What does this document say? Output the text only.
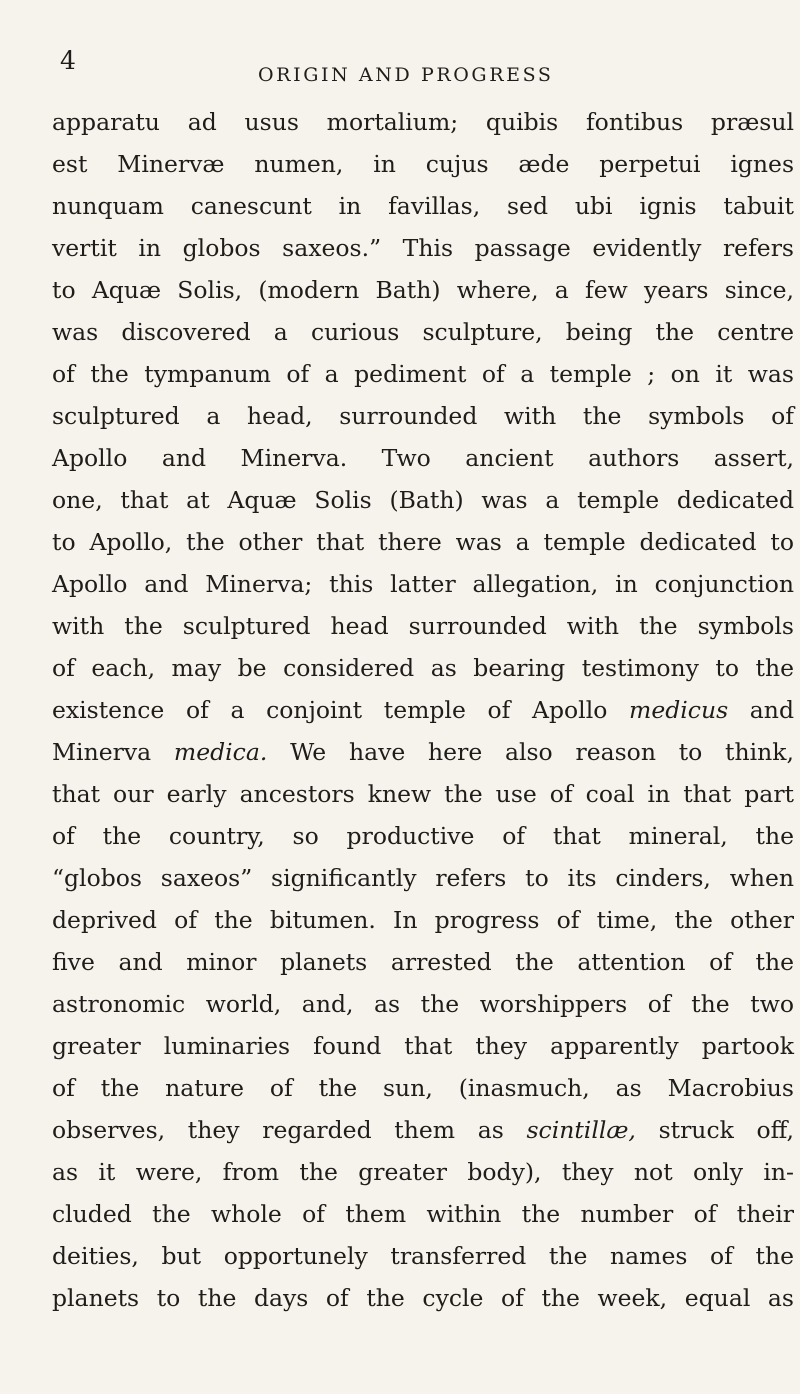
4	ORIGIN AND PROGRESS
apparatu ad usus mortalium; quibis fontibus præsul
est Minervæ numen, in cujus æde perpetui ignes
nunquam canescunt in favillas, sed ubi ignis tabuit
vertit in globos saxeos.” This passage evidently refers
to Aquæ Solis, (modern Bath) where, a few years since,
was discovered a curious sculpture, being the centre
of the tympanum of a pediment of a temple ; on it was
sculptured a head, surrounded with the symbols of
Apollo and Minerva. Two ancient authors assert,
one, that at Aquæ Solis (Bath) was a temple dedicated
to Apollo, the other that there was a temple dedicated to
Apollo and Minerva; this latter allegation, in conjunction
with the sculptured head surrounded with the symbols
of each, may be considered as bearing testimony to the
existence of a conjoint temple of Apollo medicus and
Minerva medica. We have here also reason to think,
that our early ancestors knew the use of coal in that part
of the country, so productive of that mineral, the
“globos saxeos” significantly refers to its cinders, when
deprived of the bitumen. In progress of time, the other
five and minor planets arrested the attention of the
astronomic world, and, as the worshippers of the two
greater luminaries found that they apparently partook
of the nature of the sun, (inasmuch, as Macrobius
observes, they regarded them as scintillæ, struck off,
as it were, from the greater body), they not only in-
cluded the whole of them within the number of their
deities, but opportunely transferred the names of the
planets to the days of the cycle of the week, equal as
